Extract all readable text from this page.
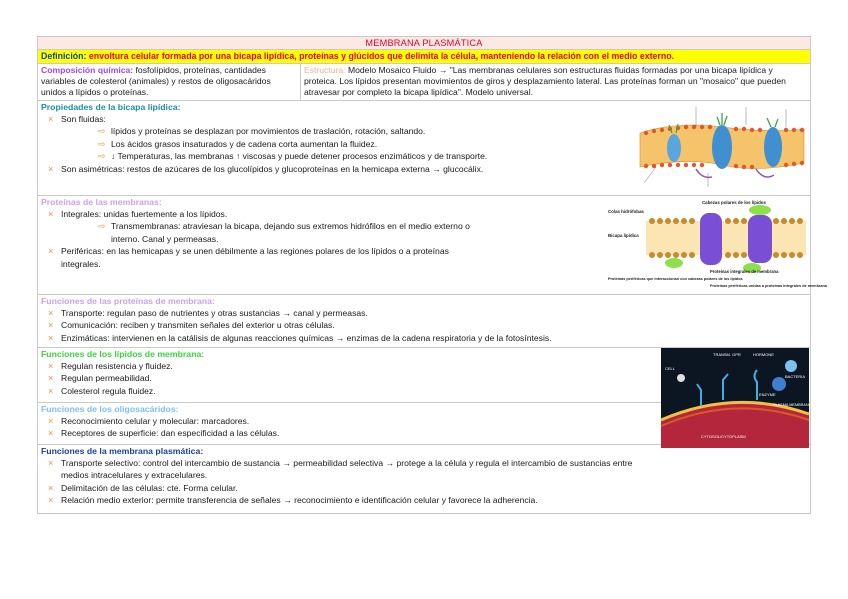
MEMBRANA PLASMÁTICA
Definición: envoltura celular formada por una bicapa lipídica, proteínas y glúcidos que delimita la célula, manteniendo la relación con el medio externo.
Composición química: fosfolípidos, proteínas, cantidades variables de colesterol (animales) y restos de oligosacáridos unidos a lípidos o proteínas.
Estructura: Modelo Mosaico Fluido → "Las membranas celulares son estructuras fluidas formadas por una bicapa lipídica y proteica. Los lípidos presentan movimientos de giros y desplazamiento lateral. Las proteínas forman un "mosaico" que pueden atravesar por completo la bicapa lipídica". Modelo universal.
Propiedades de la bicapa lipídica:
× Son fluidas:
⇨ lípidos y proteínas se desplazan por movimientos de traslación, rotación, saltando.
⇨ Los ácidos grasos insaturados y de cadena corta aumentan la fluidez.
⇨ ↓ Temperaturas, las membranas ↑ viscosas y puede detener procesos enzimáticos y de transporte.
× Son asimétricas: restos de azúcares de los glucolípidos y glucoproteínas en la hemicapa externa → glucocálix.
Proteínas de las membranas:
× Integrales: unidas fuertemente a los lípidos.
⇨ Transmembranas: atraviesan la bicapa, dejando sus extremos hidrófilos en el medio externo o
interno. Canal y permeasas.
× Periféricas: en las hemicapas y se unen débilmente a las regiones polares de los lípidos o a proteínas
integrales.
Cabezas polares de los lípidos
Colas hidrófobas
Bicapa lipídica
Proteínas integrales de membrana
Proteínas periféricas que interaccionan con cabezas polares de los lípidos
Proteínas periféricas unidas a proteínas integrales de membrana
Funciones de las proteínas de membrana:
× Transporte: regulan paso de nutrientes y otras sustancias → canal y permeasas.
× Comunicación: reciben y transmiten señales del exterior u otras células.
× Enzimáticas: intervienen en la catálisis de algunas reacciones químicas → enzimas de la cadena respiratoria y de la fotosíntesis.
Funciones de los lípidos de membrana:
× Regulan resistencia y fluidez.
× Regulan permeabilidad.
× Colesterol regula fluidez.
Funciones de los oligosacáridos:
× Reconocimiento celular y molecular: marcadores.
× Receptores de superficie: dan especificidad a las células.
Funciones de la membrana plasmática:
× Transporte selectivo: control del intercambio de sustancia → permeabilidad selectiva → protege a la célula y regula el intercambio de sustancias entre
medios intracelulares y extracelulares.
× Delimitación de las células: cte. Forma celular.
× Relación medio exterior: permite transferencia de señales → reconocimiento e identificación celular y favorece la adherencia.
TRANSM. GPR	HORMONE
CELL
ENZYME
BACTERIA
PLASMA MEMBRANE
CYTOSOL/CYTOPLASM
